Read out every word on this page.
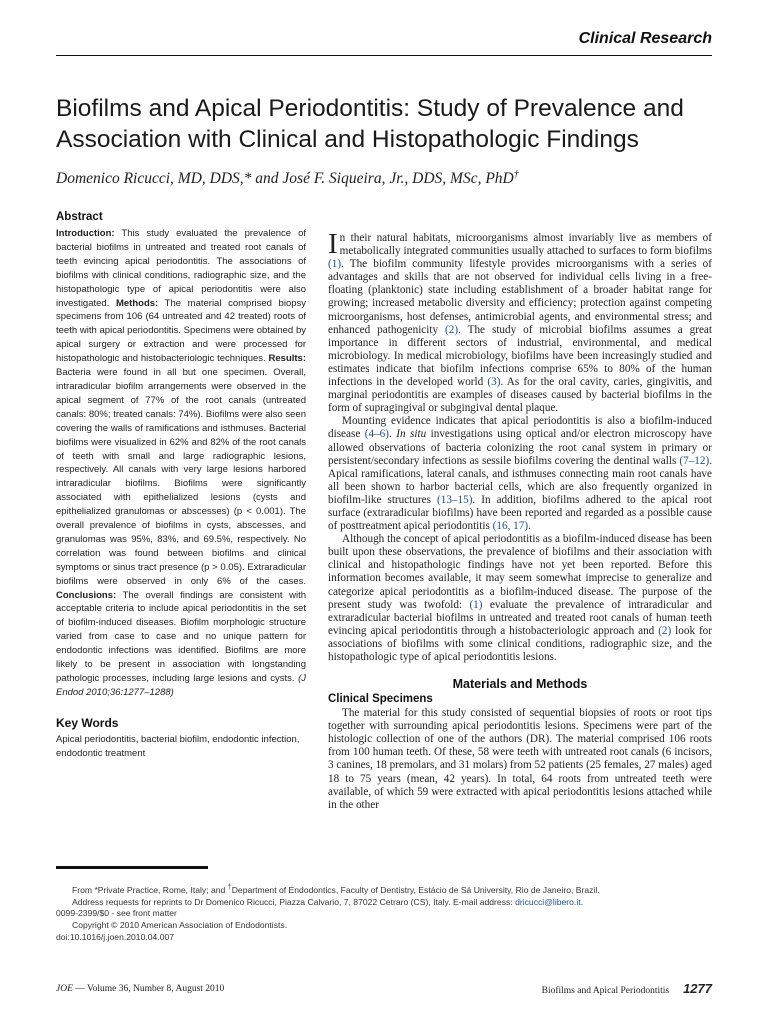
Clinical Research
Biofilms and Apical Periodontitis: Study of Prevalence and Association with Clinical and Histopathologic Findings
Domenico Ricucci, MD, DDS,* and José F. Siqueira, Jr., DDS, MSc, PhD†
Abstract

Introduction: This study evaluated the prevalence of bacterial biofilms in untreated and treated root canals of teeth evincing apical periodontitis. The associations of biofilms with clinical conditions, radiographic size, and the histopathologic type of apical periodontitis were also investigated. Methods: The material comprised biopsy specimens from 106 (64 untreated and 42 treated) roots of teeth with apical periodontitis. Specimens were obtained by apical surgery or extraction and were processed for histopathologic and histobacteriologic techniques. Results: Bacteria were found in all but one specimen. Overall, intraradicular biofilm arrangements were observed in the apical segment of 77% of the root canals (untreated canals: 80%; treated canals: 74%). Biofilms were also seen covering the walls of ramifications and isthmuses. Bacterial biofilms were visualized in 62% and 82% of the root canals of teeth with small and large radiographic lesions, respectively. All canals with very large lesions harbored intraradicular biofilms. Biofilms were significantly associated with epithelialized lesions (cysts and epithelialized granulomas or abscesses) (p < 0.001). The overall prevalence of biofilms in cysts, abscesses, and granulomas was 95%, 83%, and 69.5%, respectively. No correlation was found between biofilms and clinical symptoms or sinus tract presence (p > 0.05). Extraradicular biofilms were observed in only 6% of the cases. Conclusions: The overall findings are consistent with acceptable criteria to include apical periodontitis in the set of biofilm-induced diseases. Biofilm morphologic structure varied from case to case and no unique pattern for endodontic infections was identified. Biofilms are more likely to be present in association with longstanding pathologic processes, including large lesions and cysts. (J Endod 2010;36:1277–1288)

Key Words

Apical periodontitis, bacterial biofilm, endodontic infection, endodontic treatment

In their natural habitats, microorganisms almost invariably live as members of metabolically integrated communities usually attached to surfaces to form biofilms (1). The biofilm community lifestyle provides microorganisms with a series of advantages and skills that are not observed for individual cells living in a free-floating (planktonic) state including establishment of a broader habitat range for growing; increased metabolic diversity and efficiency; protection against competing microorganisms, host defenses, antimicrobial agents, and environmental stress; and enhanced pathogenicity (2). The study of microbial biofilms assumes a great importance in different sectors of industrial, environmental, and medical microbiology. In medical microbiology, biofilms have been increasingly studied and estimates indicate that biofilm infections comprise 65% to 80% of the human infections in the developed world (3). As for the oral cavity, caries, gingivitis, and marginal periodontitis are examples of diseases caused by bacterial biofilms in the form of supragingival or subgingival dental plaque.

Mounting evidence indicates that apical periodontitis is also a biofilm-induced disease (4–6). In situ investigations using optical and/or electron microscopy have allowed observations of bacteria colonizing the root canal system in primary or persistent/secondary infections as sessile biofilms covering the dentinal walls (7–12). Apical ramifications, lateral canals, and isthmuses connecting main root canals have all been shown to harbor bacterial cells, which are also frequently organized in biofilm-like structures (13–15). In addition, biofilms adhered to the apical root surface (extraradicular biofilms) have been reported and regarded as a possible cause of posttreatment apical periodontitis (16, 17).

Although the concept of apical periodontitis as a biofilm-induced disease has been built upon these observations, the prevalence of biofilms and their association with clinical and histopathologic findings have not yet been reported. Before this information becomes available, it may seem somewhat imprecise to generalize and categorize apical periodontitis as a biofilm-induced disease. The purpose of the present study was twofold: (1) evaluate the prevalence of intraradicular and extraradicular bacterial biofilms in untreated and treated root canals of human teeth evincing apical periodontitis through a histobacteriologic approach and (2) look for associations of biofilms with some clinical conditions, radiographic size, and the histopathologic type of apical periodontitis lesions.

Materials and Methods
Clinical Specimens

The material for this study consisted of sequential biopsies of roots or root tips together with surrounding apical periodontitis lesions. Specimens were part of the histologic collection of one of the authors (DR). The material comprised 106 roots from 100 human teeth. Of these, 58 were teeth with untreated root canals (6 incisors, 3 canines, 18 premolars, and 31 molars) from 52 patients (25 females, 27 males) aged 18 to 75 years (mean, 42 years). In total, 64 roots from untreated teeth were available, of which 59 were extracted with apical periodontitis lesions attached while in the other

From *Private Practice, Rome, Italy; and †Department of Endodontics, Faculty of Dentistry, Estácio de Sá University, Rio de Janeiro, Brazil.

Address requests for reprints to Dr Domenico Ricucci, Piazza Calvario, 7, 87022 Cetraro (CS), Italy. E-mail address: dricucci@libero.it.

0099-2399/$0 - see front matter

Copyright © 2010 American Association of Endodontists.

doi:10.1016/j.joen.2010.04.007

JOE — Volume 36, Number 8, August 2010	Biofilms and Apical Periodontitis 1277
